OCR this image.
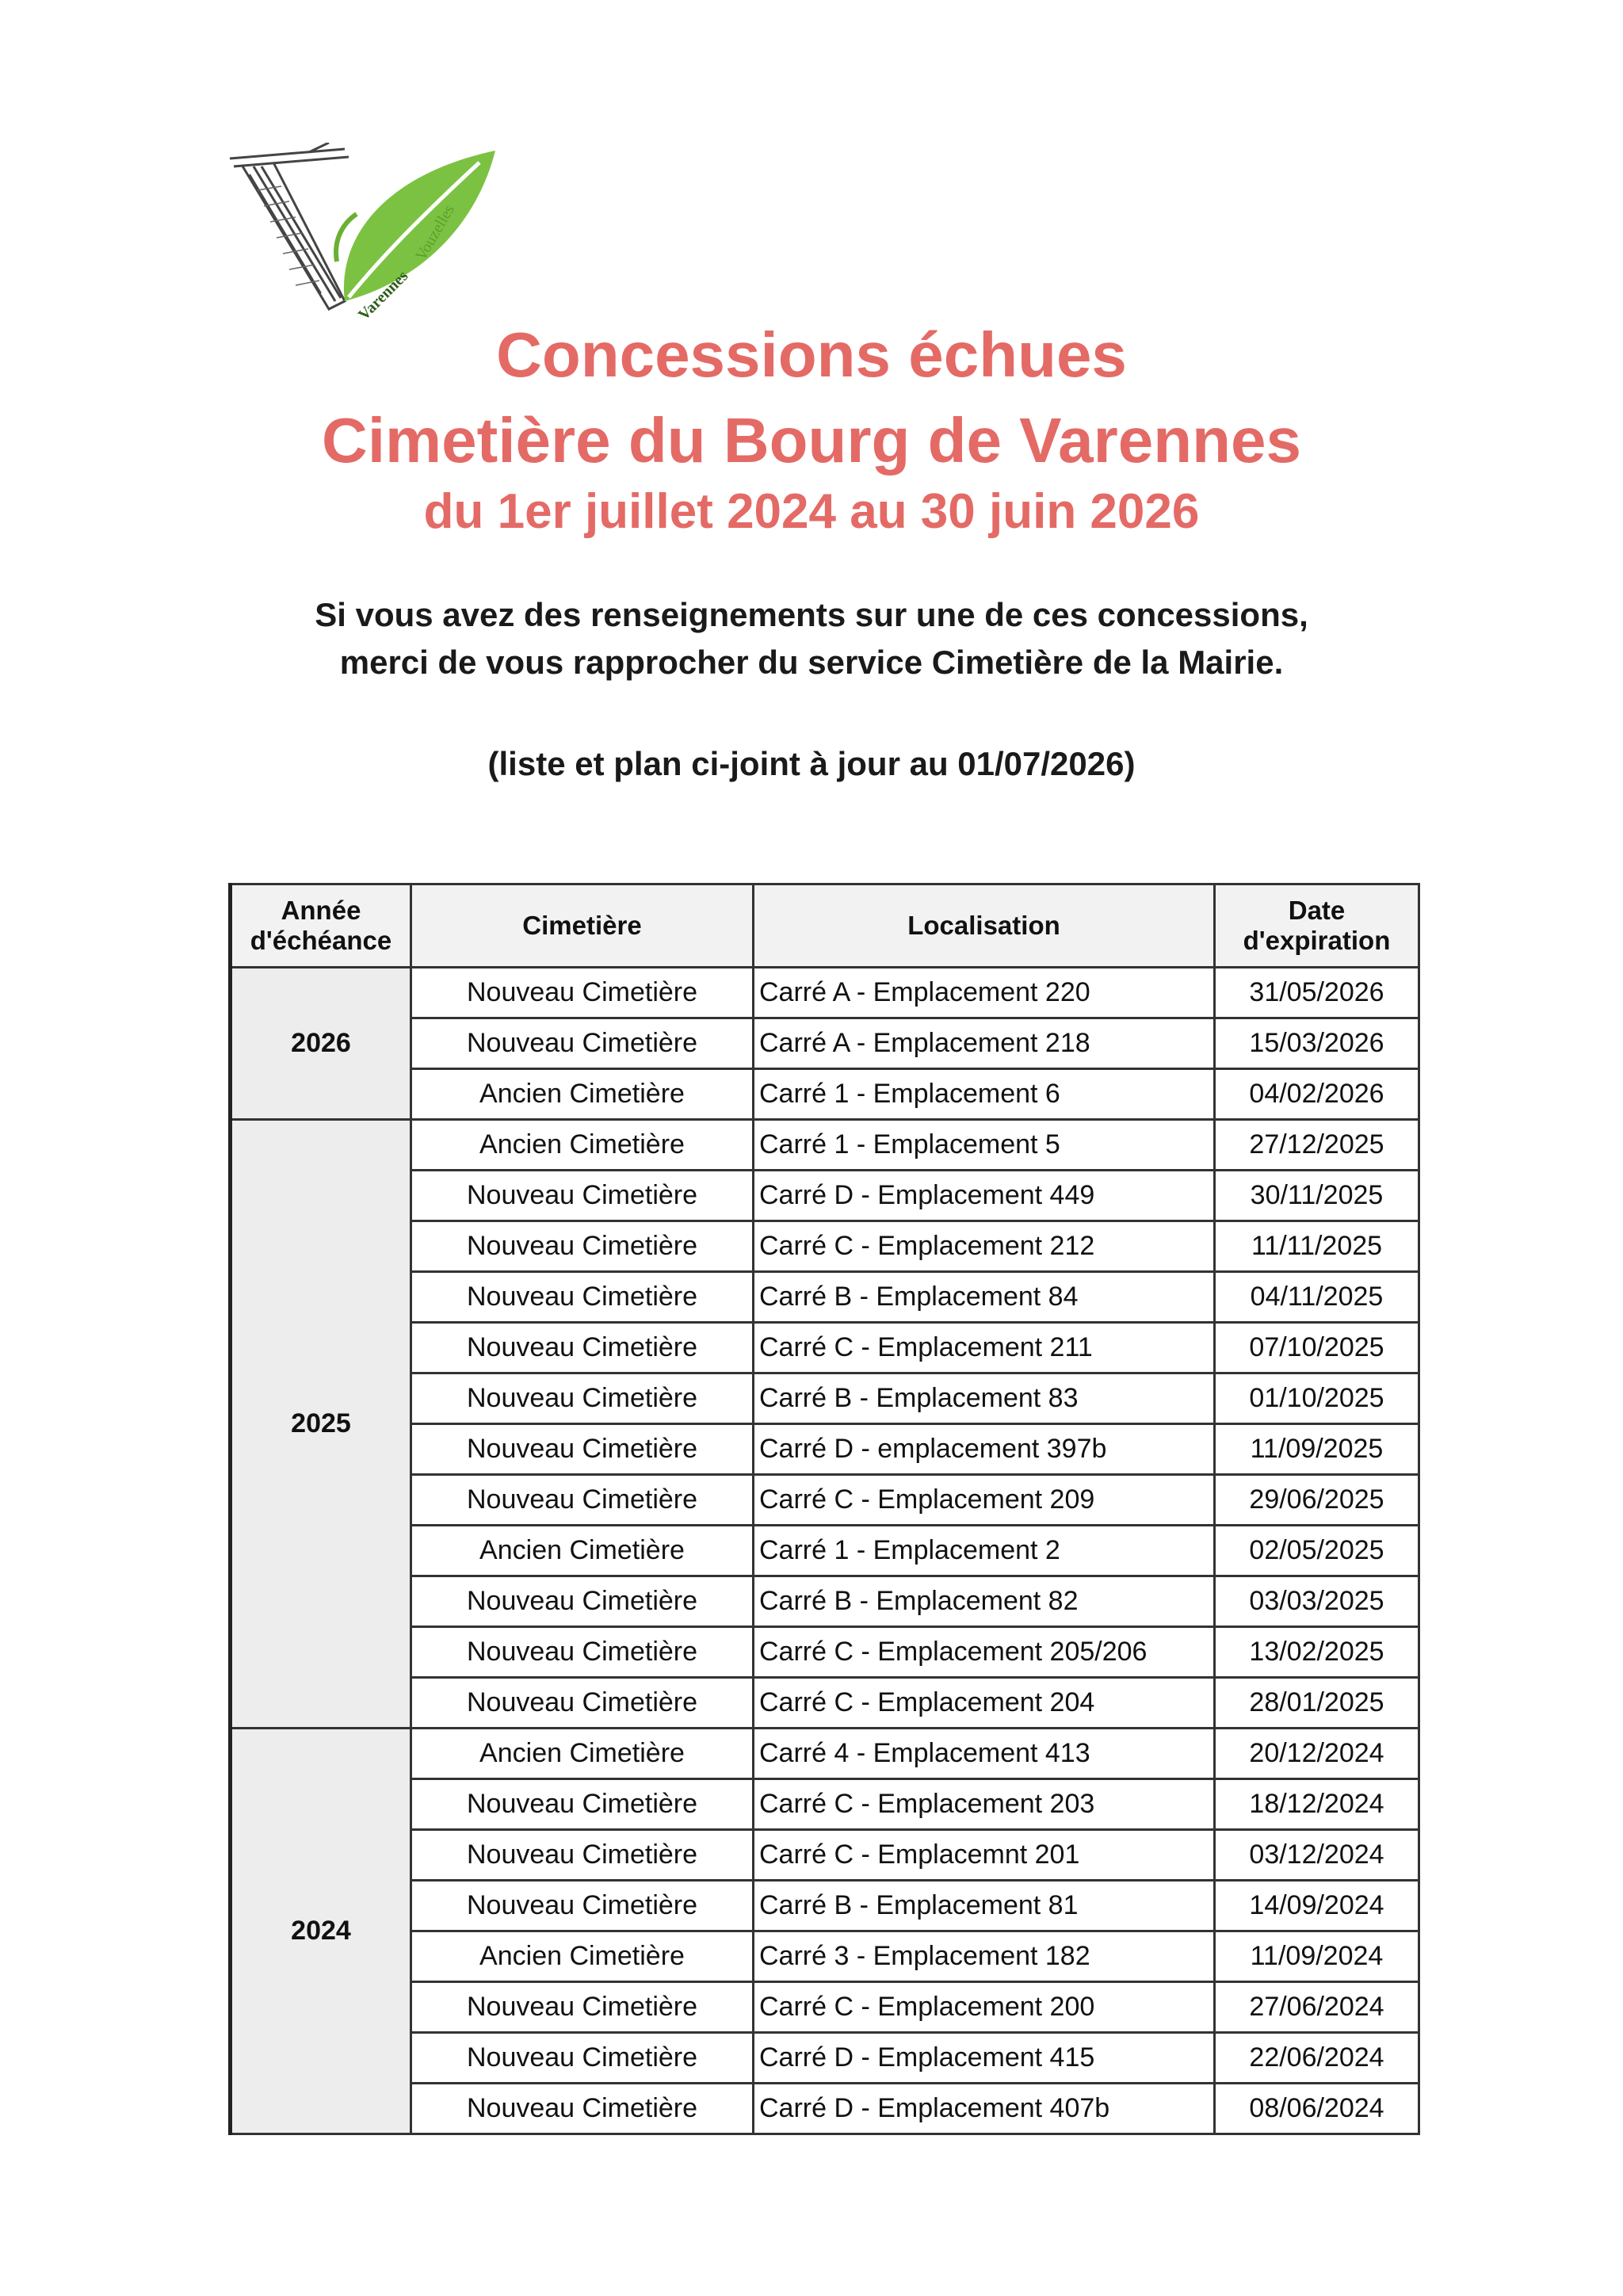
Varennes
Vouzelles
Concessions échues
Cimetière du Bourg de Varennes
du 1er juillet 2024 au 30 juin 2026
Si vous avez des renseignements sur une de ces concessions,
merci de vous rapprocher du service Cimetière de la Mairie.
(liste et plan ci-joint à jour au 01/07/2026)
Année d'échéance	Cimetière	Localisation	Date d'expiration
2026	Nouveau Cimetière	Carré A - Emplacement 220	31/05/2026
	Nouveau Cimetière	Carré A - Emplacement 218	15/03/2026
	Ancien Cimetière	Carré 1 - Emplacement 6	04/02/2026
2025	Ancien Cimetière	Carré 1 - Emplacement 5	27/12/2025
	Nouveau Cimetière	Carré D - Emplacement 449	30/11/2025
	Nouveau Cimetière	Carré C - Emplacement 212	11/11/2025
	Nouveau Cimetière	Carré B - Emplacement 84	04/11/2025
	Nouveau Cimetière	Carré C - Emplacement 211	07/10/2025
	Nouveau Cimetière	Carré B - Emplacement 83	01/10/2025
	Nouveau Cimetière	Carré D - emplacement 397b	11/09/2025
	Nouveau Cimetière	Carré C - Emplacement 209	29/06/2025
	Ancien Cimetière	Carré 1 - Emplacement 2	02/05/2025
	Nouveau Cimetière	Carré B - Emplacement 82	03/03/2025
	Nouveau Cimetière	Carré C - Emplacement 205/206	13/02/2025
	Nouveau Cimetière	Carré C - Emplacement 204	28/01/2025
2024	Ancien Cimetière	Carré 4 - Emplacement 413	20/12/2024
	Nouveau Cimetière	Carré C - Emplacement 203	18/12/2024
	Nouveau Cimetière	Carré C - Emplacemnt 201	03/12/2024
	Nouveau Cimetière	Carré B - Emplacement 81	14/09/2024
	Ancien Cimetière	Carré 3 - Emplacement 182	11/09/2024
	Nouveau Cimetière	Carré C - Emplacement 200	27/06/2024
	Nouveau Cimetière	Carré D - Emplacement 415	22/06/2024
	Nouveau Cimetière	Carré D - Emplacement 407b	08/06/2024
